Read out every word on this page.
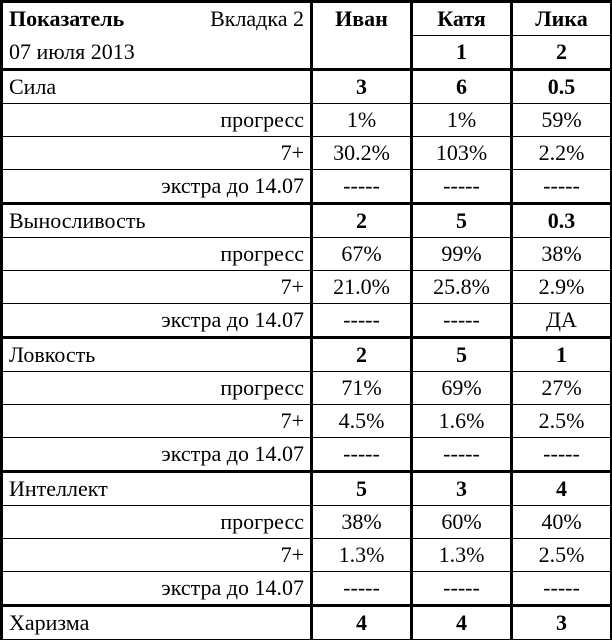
Показатель Вкладка 2	Иван	Катя	Лика
07 июля 2013		1	2
Сила	3	6	0.5
прогресс	1%	1%	59%
7+	30.2%	103%	2.2%
экстра до 14.07	-----	-----	-----
Выносливость	2	5	0.3
прогресс	67%	99%	38%
7+	21.0%	25.8%	2.9%
экстра до 14.07	-----	-----	ДА
Ловкость	2	5	1
прогресс	71%	69%	27%
7+	4.5%	1.6%	2.5%
экстра до 14.07	-----	-----	-----
Интеллект	5	3	4
прогресс	38%	60%	40%
7+	1.3%	1.3%	2.5%
экстра до 14.07	-----	-----	-----
Харизма	4	4	3
